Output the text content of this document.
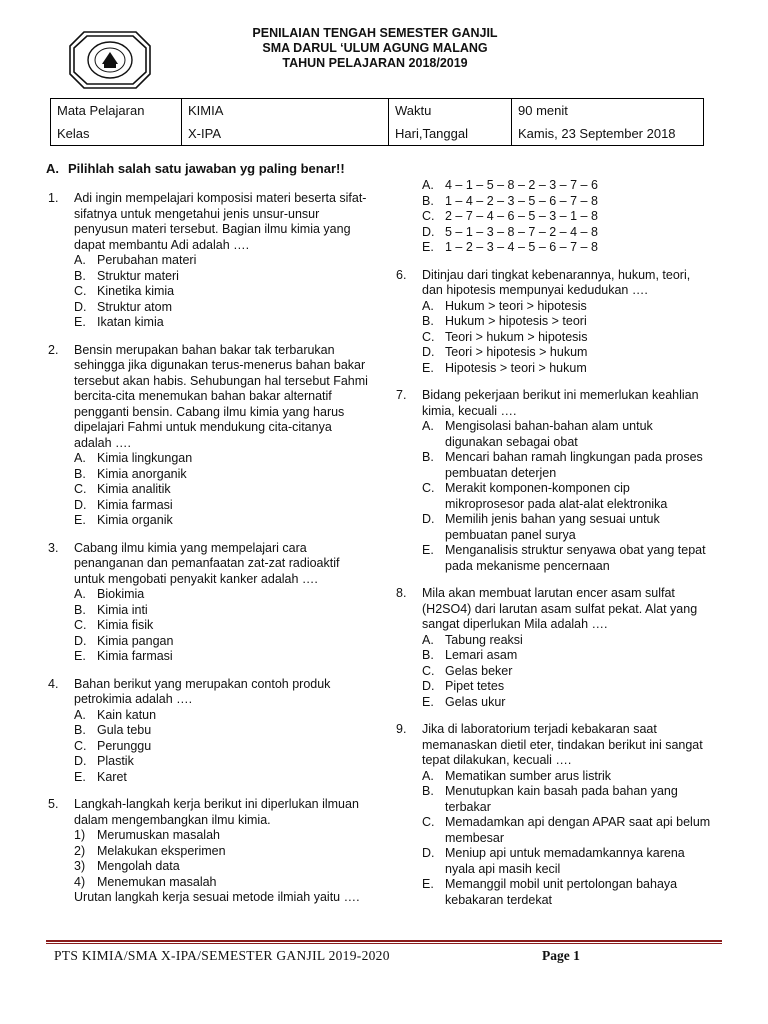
PENILAIAN TENGAH SEMESTER GANJIL
SMA DARUL ‘ULUM AGUNG MALANG
TAHUN PELAJARAN 2018/2019
Mata Pelajaran	KIMIA	Waktu	90 menit
Kelas	X-IPA	Hari,Tanggal	Kamis, 23 September 2018
A. Pilihlah salah satu jawaban yg paling benar!!
1. Adi ingin mempelajari komposisi materi beserta sifat-sifatnya untuk mengetahui jenis unsur-unsur penyusun materi tersebut. Bagian ilmu kimia yang dapat membantu Adi adalah ….
A. Perubahan materi
B. Struktur materi
C. Kinetika kimia
D. Struktur atom
E. Ikatan kimia
2. Bensin merupakan bahan bakar tak terbarukan sehingga jika digunakan terus-menerus bahan bakar tersebut akan habis. Sehubungan hal tersebut Fahmi bercita-cita menemukan bahan bakar alternatif pengganti bensin. Cabang ilmu kimia yang harus dipelajari Fahmi untuk mendukung cita-citanya adalah ….
A. Kimia lingkungan
B. Kimia anorganik
C. Kimia analitik
D. Kimia farmasi
E. Kimia organik
3. Cabang ilmu kimia yang mempelajari cara penanganan dan pemanfaatan zat-zat radioaktif untuk mengobati penyakit kanker adalah ….
A. Biokimia
B. Kimia inti
C. Kimia fisik
D. Kimia pangan
E. Kimia farmasi
4. Bahan berikut yang merupakan contoh produk petrokimia adalah ….
A. Kain katun
B. Gula tebu
C. Perunggu
D. Plastik
E. Karet
5. Langkah-langkah kerja berikut ini diperlukan ilmuan dalam mengembangkan ilmu kimia.
1) Merumuskan masalah
2) Melakukan eksperimen
3) Mengolah data
4) Menemukan masalah
Urutan langkah kerja sesuai metode ilmiah yaitu ….
A. 4 – 1 – 5 – 8 – 2 – 3 – 7 – 6
B. 1 – 4 – 2 – 3 – 5 – 6 – 7 – 8
C. 2 – 7 – 4 – 6 – 5 – 3 – 1 – 8
D. 5 – 1 – 3 – 8 – 7 – 2 – 4 – 8
E. 1 – 2 – 3 – 4 – 5 – 6 – 7 – 8
6. Ditinjau dari tingkat kebenarannya, hukum, teori, dan hipotesis mempunyai kedudukan ….
A. Hukum > teori > hipotesis
B. Hukum > hipotesis > teori
C. Teori > hukum > hipotesis
D. Teori > hipotesis > hukum
E. Hipotesis > teori > hukum
7. Bidang pekerjaan berikut ini memerlukan keahlian kimia, kecuali ….
A. Mengisolasi bahan-bahan alam untuk digunakan sebagai obat
B. Mencari bahan ramah lingkungan pada proses pembuatan deterjen
C. Merakit komponen-komponen cip mikroprosesor pada alat-alat elektronika
D. Memilih jenis bahan yang sesuai untuk pembuatan panel surya
E. Menganalisis struktur senyawa obat yang tepat pada mekanisme pencernaan
8. Mila akan membuat larutan encer asam sulfat (H2SO4) dari larutan asam sulfat pekat. Alat yang sangat diperlukan Mila adalah ….
A. Tabung reaksi
B. Lemari asam
C. Gelas beker
D. Pipet tetes
E. Gelas ukur
9. Jika di laboratorium terjadi kebakaran saat memanaskan dietil eter, tindakan berikut ini sangat tepat dilakukan, kecuali ….
A. Mematikan sumber arus listrik
B. Menutupkan kain basah pada bahan yang terbakar
C. Memadamkan api dengan APAR saat api belum membesar
D. Meniup api untuk memadamkannya karena nyala api masih kecil
E. Memanggil mobil unit pertolongan bahaya kebakaran terdekat
PTS KIMIA/SMA X-IPA/SEMESTER GANJIL 2019-2020	Page 1
